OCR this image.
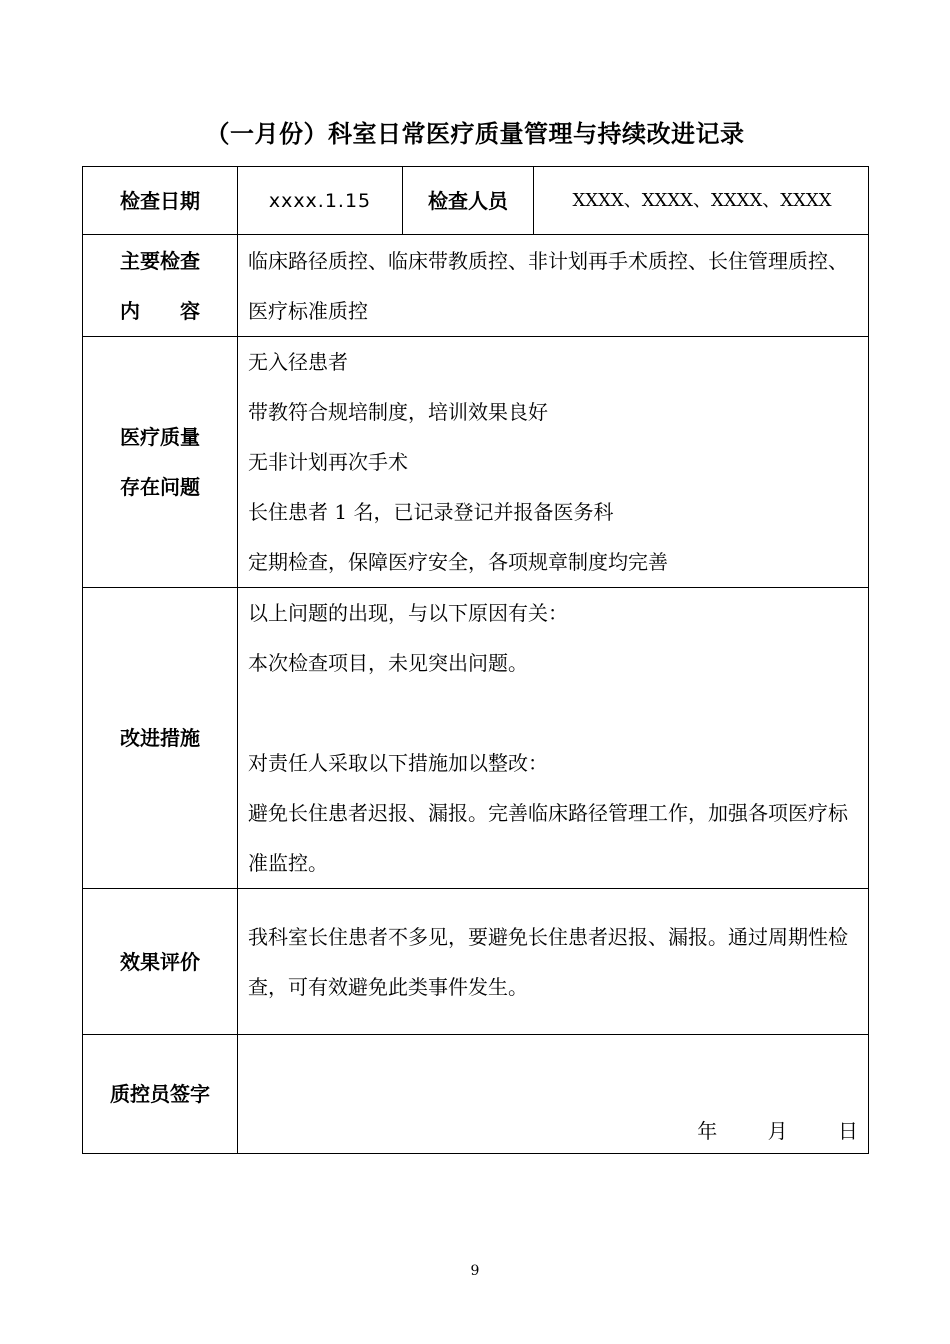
（一月份）科室日常医疗质量管理与持续改进记录
检查日期	xxxx.1.15	检查人员	XXXX、XXXX、XXXX、XXXX

主要检查
内　　容	临床路径质控、临床带教质控、非计划再手术质控、长住管理质控、医疗标准质控		

医疗质量
存在问题	无入径患者
带教符合规培制度，培训效果良好
无非计划再次手术
长住患者 1 名，已记录登记并报备医务科
定期检查，保障医疗安全，各项规章制度均完善		

改进措施	以上问题的出现，与以下原因有关：
本次检查项目，未见突出问题。
对责任人采取以下措施加以整改：
避免长住患者迟报、漏报。完善临床路径管理工作，加强各项医疗标准监控。		

效果评价	我科室长住患者不多见，要避免长住患者迟报、漏报。通过周期性检查，可有效避免此类事件发生。		
质控员签字	年 月 日		
9
